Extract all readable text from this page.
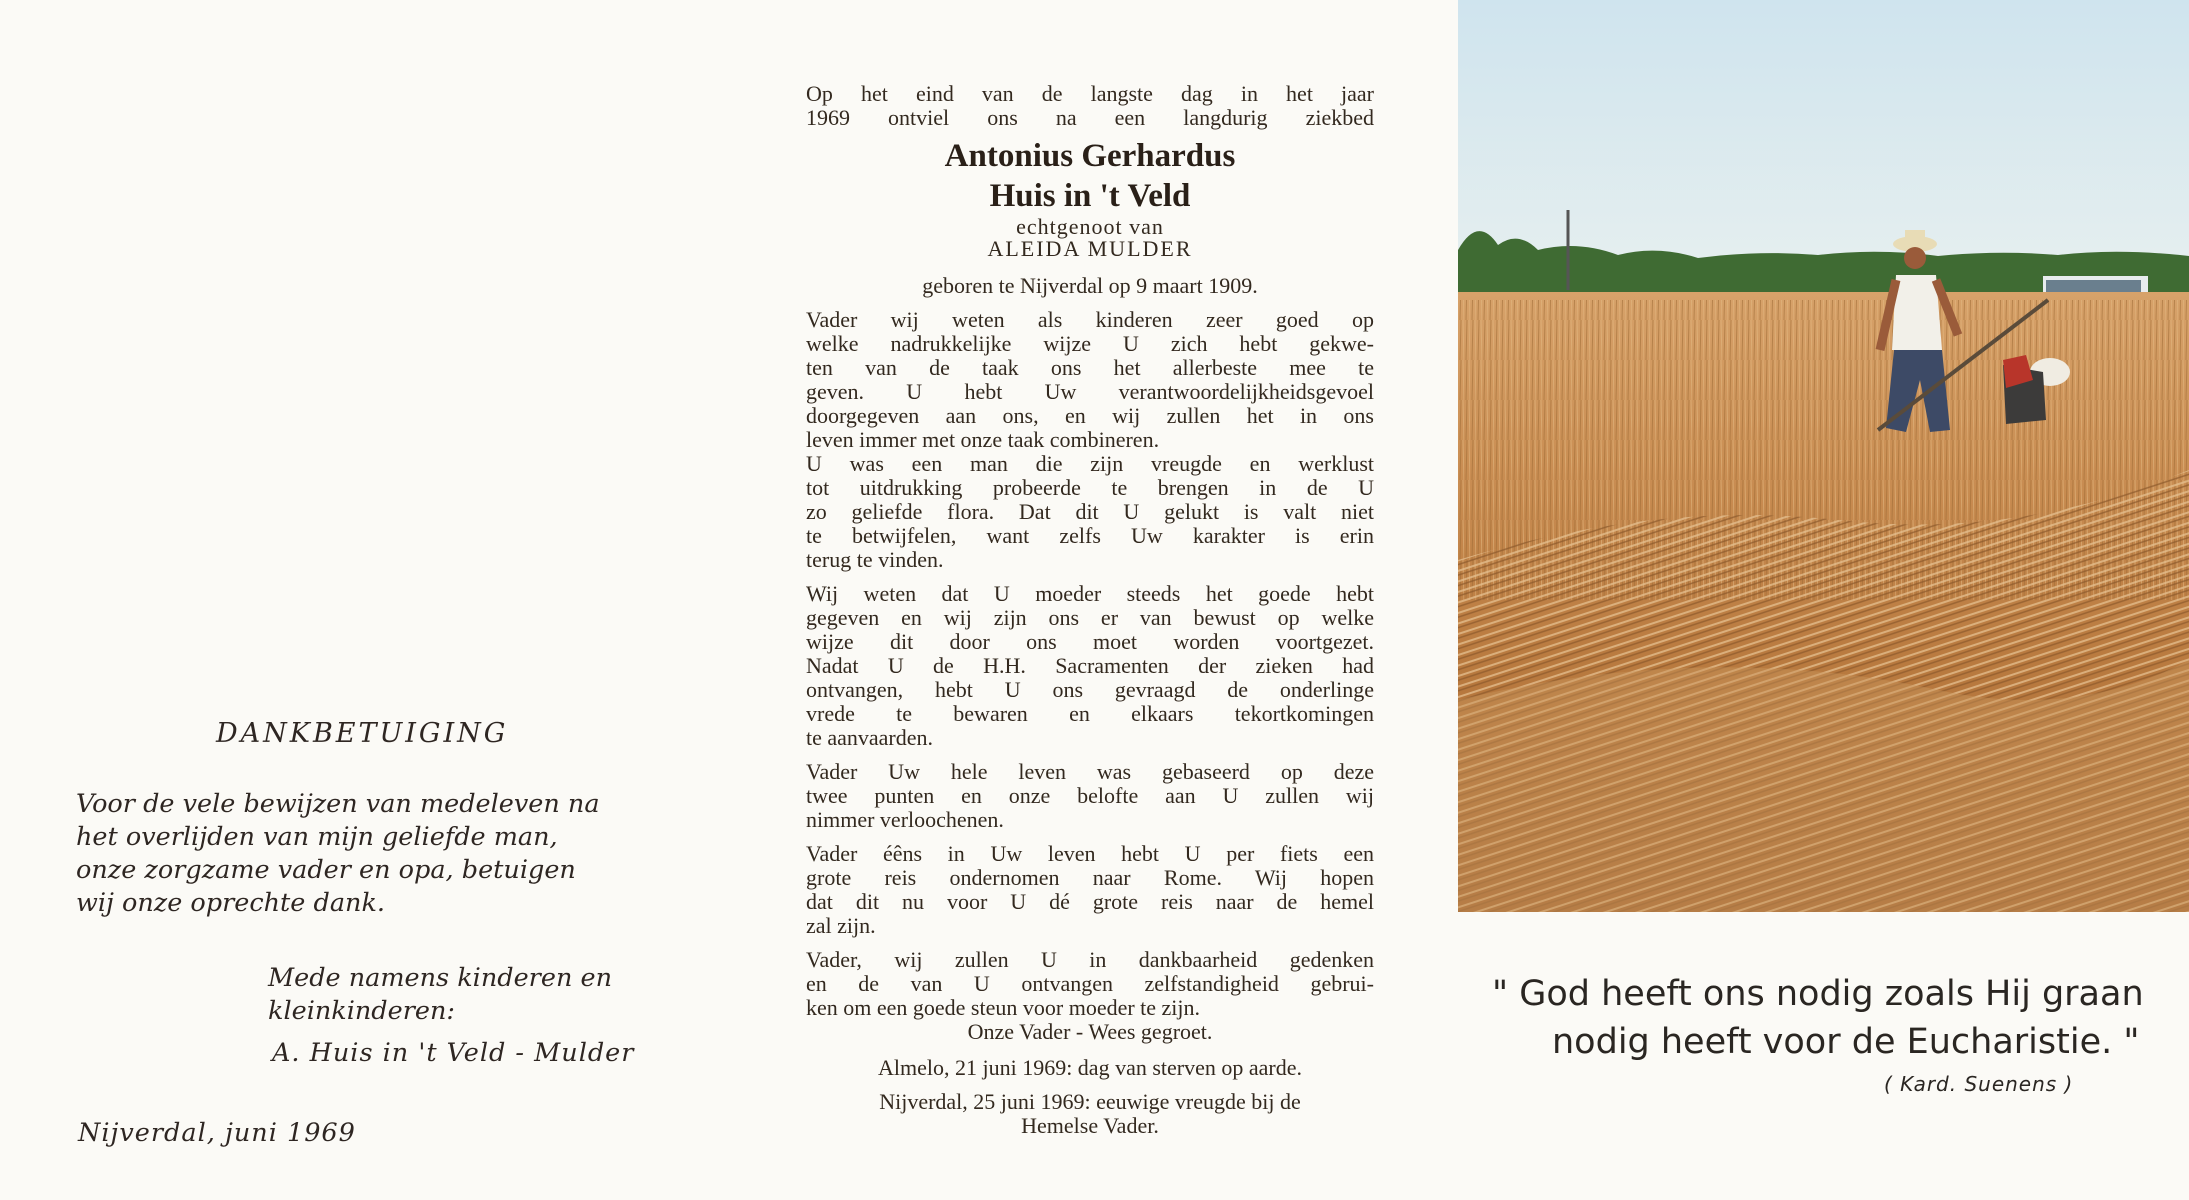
DANKBETUIGING
Voor de vele bewijzen van medeleven na
het overlijden van mijn geliefde man,
onze zorgzame vader en opa, betuigen
wij onze oprechte dank.
Mede namens kinderen en
kleinkinderen:
A. Huis in 't Veld - Mulder
Nijverdal, juni 1969
Op het eind van de langste dag in het jaar
1969 ontviel ons na een langdurig ziekbed
Antonius Gerhardus
Huis in 't Veld
echtgenoot van
ALEIDA MULDER
geboren te Nijverdal op 9 maart 1909.
Vader wij weten als kinderen zeer goed op
welke nadrukkelijke wijze U zich hebt gekwe-
ten van de taak ons het allerbeste mee te
geven. U hebt Uw verantwoordelijkheidsgevoel
doorgegeven aan ons, en wij zullen het in ons
leven immer met onze taak combineren.
U was een man die zijn vreugde en werklust
tot uitdrukking probeerde te brengen in de U
zo geliefde flora. Dat dit U gelukt is valt niet
te betwijfelen, want zelfs Uw karakter is erin
terug te vinden.
Wij weten dat U moeder steeds het goede hebt
gegeven en wij zijn ons er van bewust op welke
wijze dit door ons moet worden voortgezet.
Nadat U de H.H. Sacramenten der zieken had
ontvangen, hebt U ons gevraagd de onderlinge
vrede te bewaren en elkaars tekortkomingen
te aanvaarden.
Vader Uw hele leven was gebaseerd op deze
twee punten en onze belofte aan U zullen wij
nimmer verloochenen.
Vader éêns in Uw leven hebt U per fiets een
grote reis ondernomen naar Rome. Wij hopen
dat dit nu voor U dé grote reis naar de hemel
zal zijn.
Vader, wij zullen U in dankbaarheid gedenken
en de van U ontvangen zelfstandigheid gebrui-
ken om een goede steun voor moeder te zijn.
Onze Vader - Wees gegroet.
Almelo, 21 juni 1969: dag van sterven op aarde.
Nijverdal, 25 juni 1969: eeuwige vreugde bij de
Hemelse Vader.
" God heeft ons nodig zoals Hij graan
nodig heeft voor de Eucharistie. "
( Kard. Suenens )
